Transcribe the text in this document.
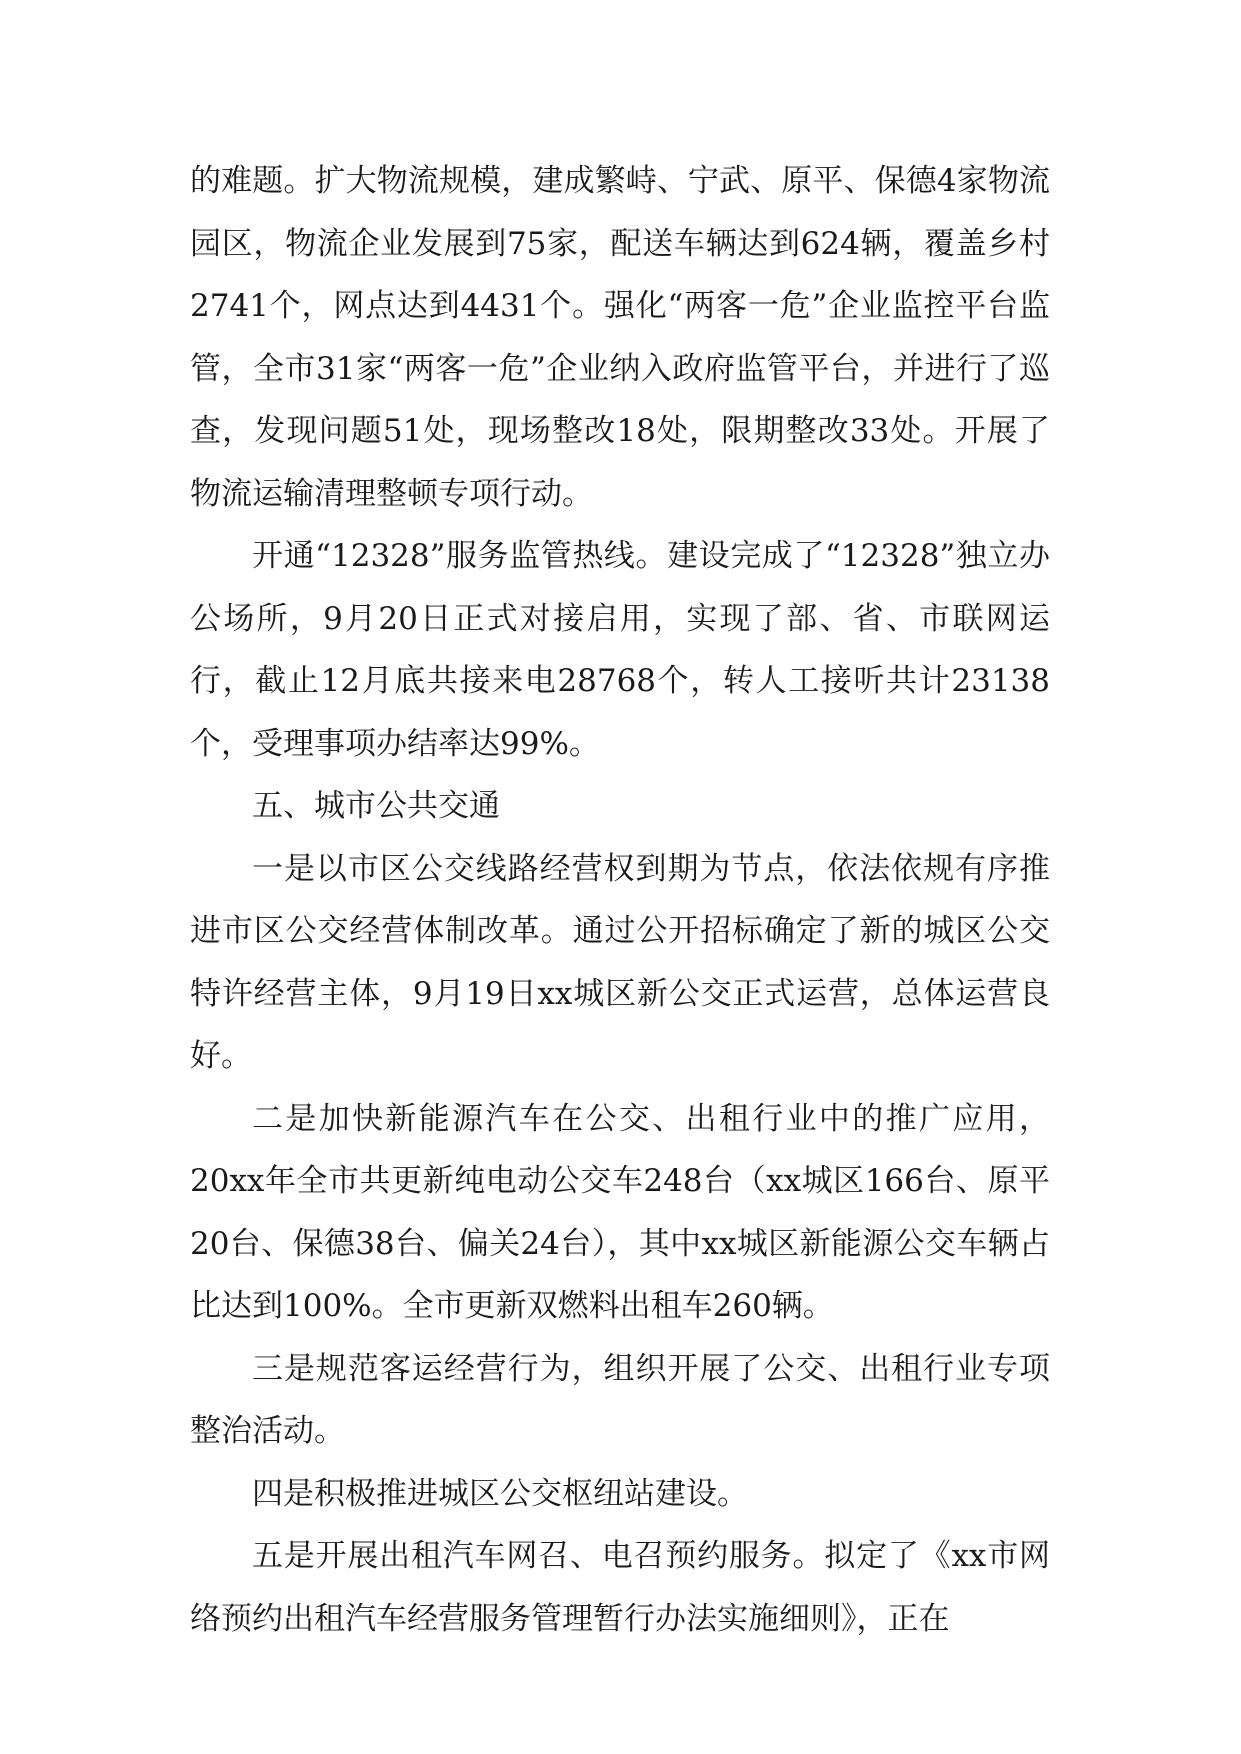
的难题。扩大物流规模，建成繁峙、宁武、原平、保德4家物流园区，物流企业发展到75家，配送车辆达到624辆，覆盖乡村2741个，网点达到4431个。强化“两客一危”企业监控平台监管，全市31家“两客一危”企业纳入政府监管平台，并进行了巡查，发现问题51处，现场整改18处，限期整改33处。开展了物流运输清理整顿专项行动。

开通“12328”服务监管热线。建设完成了“12328”独立办公场所，9月20日正式对接启用，实现了部、省、市联网运行，截止12月底共接来电28768个，转人工接听共计23138个，受理事项办结率达99%。

五、城市公共交通

一是以市区公交线路经营权到期为节点，依法依规有序推进市区公交经营体制改革。通过公开招标确定了新的城区公交特许经营主体，9月19日xx城区新公交正式运营，总体运营良好。

二是加快新能源汽车在公交、出租行业中的推广应用，20xx年全市共更新纯电动公交车248台（xx城区166台、原平20台、保德38台、偏关24台），其中xx城区新能源公交车辆占比达到100%。全市更新双燃料出租车260辆。

三是规范客运经营行为，组织开展了公交、出租行业专项整治活动。

四是积极推进城区公交枢纽站建设。

五是开展出租汽车网召、电召预约服务。拟定了《xx市网络预约出租汽车经营服务管理暂行办法实施细则》，正在
